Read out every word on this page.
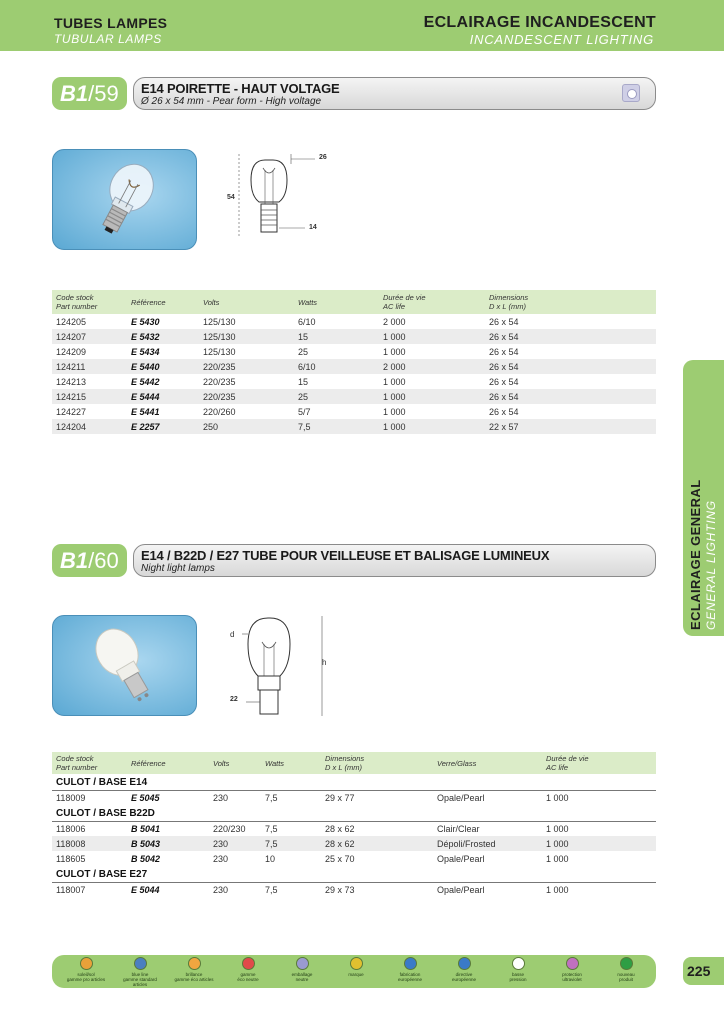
TUBES LAMPES
TUBULAR LAMPS
ECLAIRAGE INCANDESCENT
INCANDESCENT LIGHTING
B1/59	E14 POIRETTE - HAUT VOLTAGE
Ø 26 x 54 mm - Pear form - High voltage
26
54
14
Code stock
Part number	Référence	Volts	Watts	Durée de vie
AC life	Dimensions
D x L (mm)
124205	E 5430	125/130	6/10	2 000	26 x 54
124207	E 5432	125/130	15	1 000	26 x 54
124209	E 5434	125/130	25	1 000	26 x 54
124211	E 5440	220/235	6/10	2 000	26 x 54
124213	E 5442	220/235	15	1 000	26 x 54
124215	E 5444	220/235	25	1 000	26 x 54
124227	E 5441	220/260	5/7	1 000	26 x 54
124204	E 2257	250	7,5	1 000	22 x 57
ECLAIRAGE GENERAL GENERAL LIGHTING
B1/60	E14 / B22D / E27 TUBE POUR VEILLEUSE ET BALISAGE LUMINEUX
Night light lamps
d
h
22
Code stock
Part number	Référence	Volts	Watts	Dimensions
D x L (mm)	Verre/Glass	Durée de vie
AC life
CULOT / BASE E14						
118009	E 5045	230	7,5	29 x 77	Opale/Pearl	1 000
CULOT / BASE B22D						
118006	B 5041	220/230	7,5	28 x 62	Clair/Clear	1 000
118008	B 5043	230	7,5	28 x 62	Dépoli/Frosted	1 000
118605	B 5042	230	10	25 x 70	Opale/Pearl	1 000
CULOT / BASE E27						
118007	E 5044	230	7,5	29 x 73	Opale/Pearl	1 000
soleil/sol
gamme pro articles
blue line
gamme standard articles
brillance
gamme éco articles
gamme
éco neutre
emballage
neutre
marque	fabrication
européenne
directive
européenne
basse
pression
protection
ultraviolet
nouveau
produit
225
